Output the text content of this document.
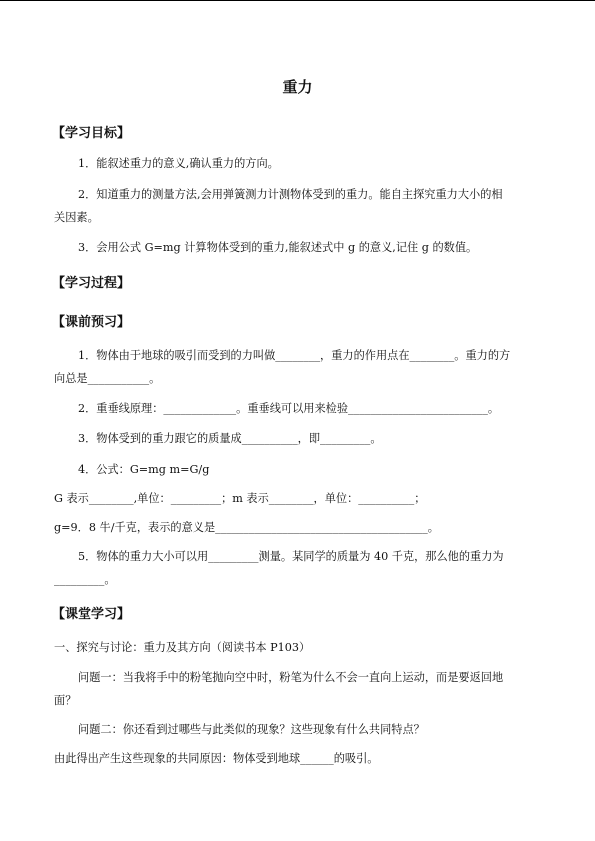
重力
【学习目标】
1．能叙述重力的意义,确认重力的方向。
2．知道重力的测量方法,会用弹簧测力计测物体受到的重力。能自主探究重力大小的相
关因素。
3．会用公式 G=mg 计算物体受到的重力,能叙述式中 g 的意义,记住 g 的数值。
【学习过程】
【课前预习】
1．物体由于地球的吸引而受到的力叫做________，重力的作用点在________。重力的方
向总是___________。
2．重垂线原理：_____________。重垂线可以用来检验_________________________。
3．物体受到的重力跟它的质量成__________，即_________。
4．公式：G=mg m=G/g
G 表示________,单位：_________；m 表示________，单位：__________；
g=9．8 牛/千克，表示的意义是______________________________________。
5．物体的重力大小可以用_________测量。某同学的质量为 40 千克，那么他的重力为
_________。
【课堂学习】
一、探究与讨论：重力及其方向（阅读书本 P103）
问题一：当我将手中的粉笔抛向空中时，粉笔为什么不会一直向上运动，而是要返回地
面？
问题二：你还看到过哪些与此类似的现象？这些现象有什么共同特点？
由此得出产生这些现象的共同原因：物体受到地球______的吸引。
